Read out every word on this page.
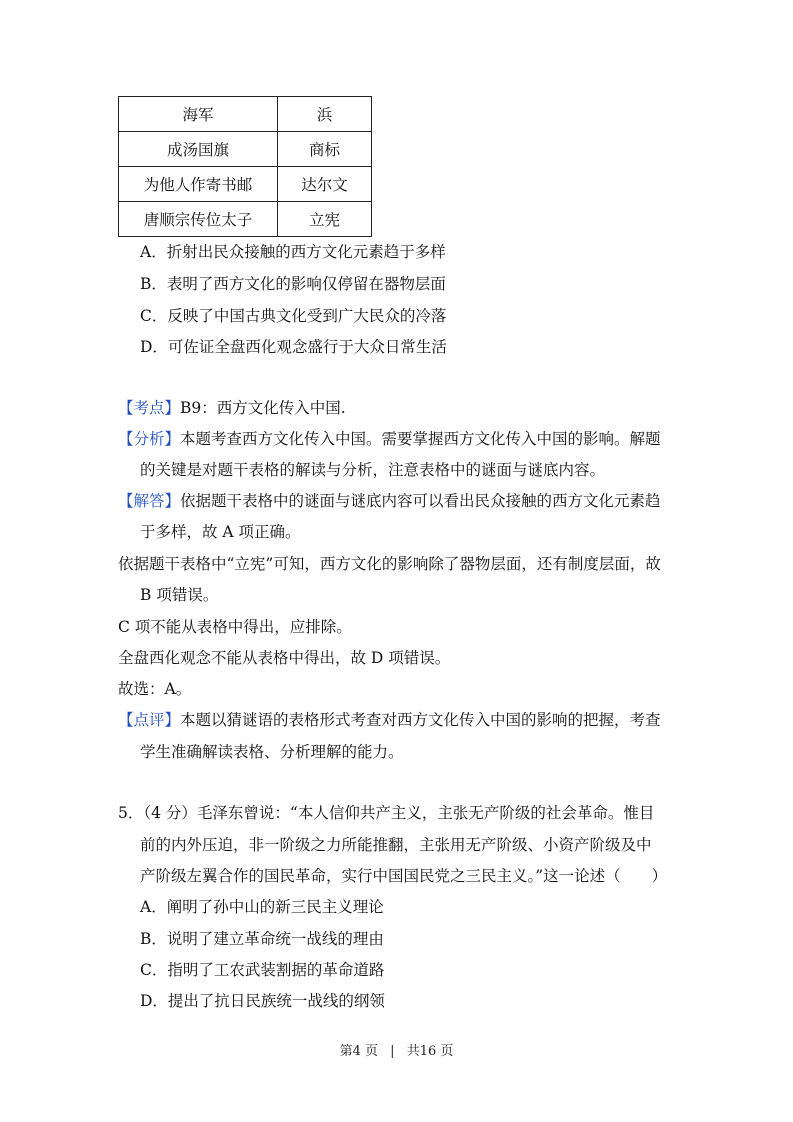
海军	浜
成汤国旗	商标
为他人作寄书邮	达尔文
唐顺宗传位太子	立宪
A．折射出民众接触的西方文化元素趋于多样
B．表明了西方文化的影响仅停留在器物层面
C．反映了中国古典文化受到广大民众的冷落
D．可佐证全盘西化观念盛行于大众日常生活
【考点】B9：西方文化传入中国.
【分析】本题考查西方文化传入中国。需要掌握西方文化传入中国的影响。解题
的关键是对题干表格的解读与分析，注意表格中的谜面与谜底内容。
【解答】依据题干表格中的谜面与谜底内容可以看出民众接触的西方文化元素趋
于多样，故 A 项正确。
依据题干表格中“立宪”可知，西方文化的影响除了器物层面，还有制度层面，故
B 项错误。
C 项不能从表格中得出，应排除。
全盘西化观念不能从表格中得出，故 D 项错误。
故选：A。
【点评】本题以猜谜语的表格形式考查对西方文化传入中国的影响的把握，考查
学生准确解读表格、分析理解的能力。
5．（4 分）毛泽东曾说：“本人信仰共产主义，主张无产阶级的社会革命。惟目
前的内外压迫，非一阶级之力所能推翻，主张用无产阶级、小资产阶级及中
产阶级左翼合作的国民革命，实行中国国民党之三民主义。”这一论述（　　）
A．阐明了孙中山的新三民主义理论
B．说明了建立革命统一战线的理由
C．指明了工农武装割据的革命道路
D．提出了抗日民族统一战线的纲领
第4 页 | 共16 页
